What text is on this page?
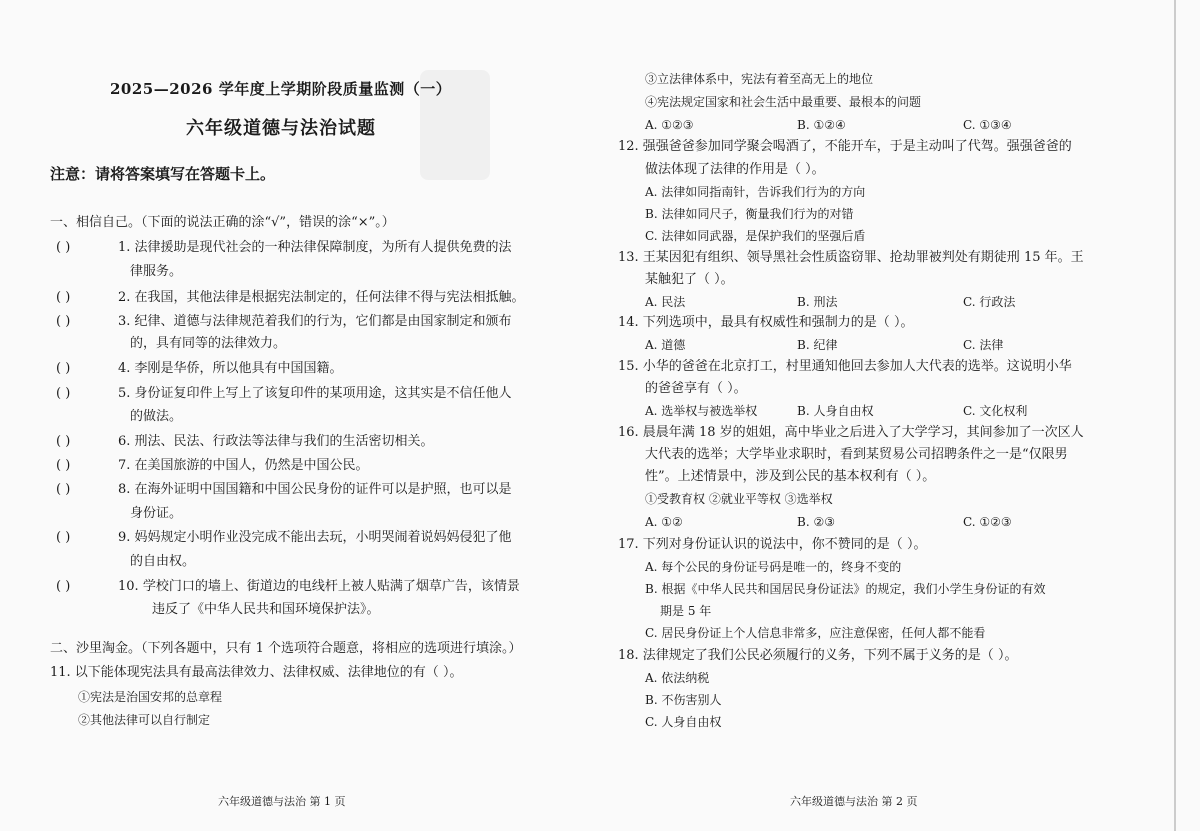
2025—2026 学年度上学期阶段质量监测（一）
六年级道德与法治试题
注意：请将答案填写在答题卡上。
一、相信自己。（下面的说法正确的涂“√”，错误的涂“×”。）
( )	1. 法律援助是现代社会的一种法律保障制度，为所有人提供免费的法
律服务。
( )	2. 在我国，其他法律是根据宪法制定的，任何法律不得与宪法相抵触。
( )	3. 纪律、道德与法律规范着我们的行为，它们都是由国家制定和颁布
的，具有同等的法律效力。
( )	4. 李刚是华侨，所以他具有中国国籍。
( )	5. 身份证复印件上写上了该复印件的某项用途，这其实是不信任他人
的做法。
( )	6. 刑法、民法、行政法等法律与我们的生活密切相关。
( )	7. 在美国旅游的中国人，仍然是中国公民。
( )	8. 在海外证明中国国籍和中国公民身份的证件可以是护照，也可以是
身份证。
( )	9. 妈妈规定小明作业没完成不能出去玩，小明哭闹着说妈妈侵犯了他
的自由权。
( )	10. 学校门口的墙上、街道边的电线杆上被人贴满了烟草广告，该情景
违反了《中华人民共和国环境保护法》。
二、沙里淘金。（下列各题中，只有 1 个选项符合题意，将相应的选项进行填涂。）
11. 以下能体现宪法具有最高法律效力、法律权威、法律地位的有（ ）。
①宪法是治国安邦的总章程
②其他法律可以自行制定
六年级道德与法治 第 1 页
③立法律体系中，宪法有着至高无上的地位
④宪法规定国家和社会生活中最重要、最根本的问题
A. ①②③	B. ①②④	C. ①③④
12. 强强爸爸参加同学聚会喝酒了，不能开车，于是主动叫了代驾。强强爸爸的
做法体现了法律的作用是（ ）。
A. 法律如同指南针，告诉我们行为的方向
B. 法律如同尺子，衡量我们行为的对错
C. 法律如同武器，是保护我们的坚强后盾
13. 王某因犯有组织、领导黑社会性质盗窃罪、抢劫罪被判处有期徒刑 15 年。王
某触犯了（ ）。
A. 民法	B. 刑法	C. 行政法
14. 下列选项中，最具有权威性和强制力的是（ ）。
A. 道德	B. 纪律	C. 法律
15. 小华的爸爸在北京打工，村里通知他回去参加人大代表的选举。这说明小华
的爸爸享有（ ）。
A. 选举权与被选举权	B. 人身自由权	C. 文化权利
16. 晨晨年满 18 岁的姐姐，高中毕业之后进入了大学学习，其间参加了一次区人
大代表的选举；大学毕业求职时，看到某贸易公司招聘条件之一是“仅限男
性”。上述情景中，涉及到公民的基本权利有（ ）。
①受教育权 ②就业平等权 ③选举权
A. ①②	B. ②③	C. ①②③
17. 下列对身份证认识的说法中，你不赞同的是（ ）。
A. 每个公民的身份证号码是唯一的，终身不变的
B. 根据《中华人民共和国居民身份证法》的规定，我们小学生身份证的有效
期是 5 年
C. 居民身份证上个人信息非常多，应注意保密，任何人都不能看
18. 法律规定了我们公民必须履行的义务，下列不属于义务的是（ ）。
A. 依法纳税
B. 不伤害别人
C. 人身自由权
六年级道德与法治 第 2 页
